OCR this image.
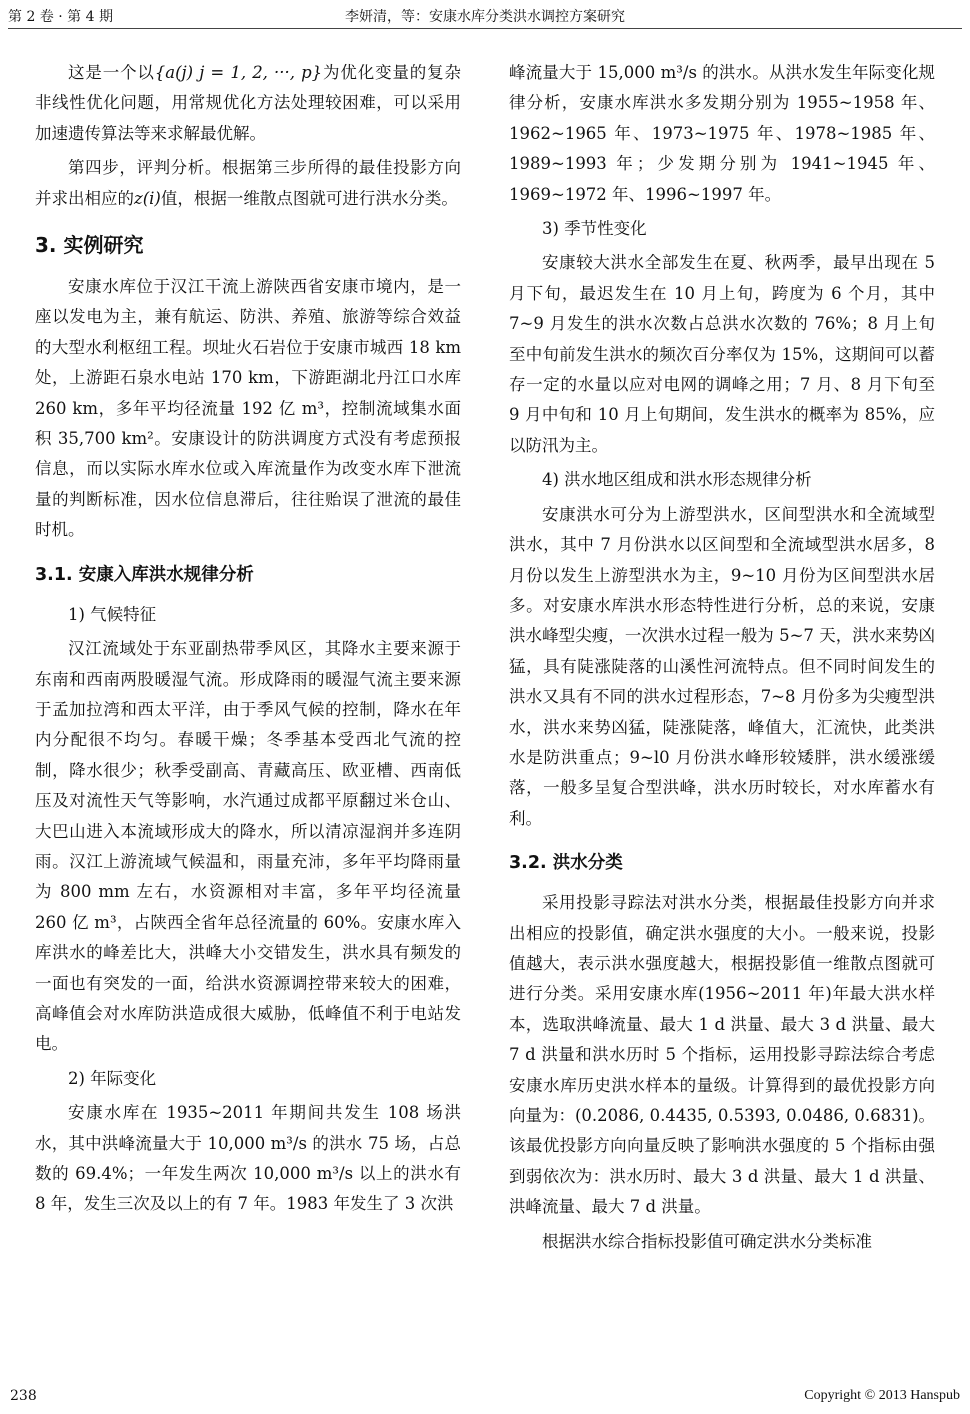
第 2 卷 · 第 4 期	李妍清，等：安康水库分类洪水调控方案研究

这是一个以{a(j) j = 1, 2, ···, p}为优化变量的复杂非线性优化问题，用常规优化方法处理较困难，可以采用加速遗传算法等来求解最优解。

第四步，评判分析。根据第三步所得的最佳投影方向并求出相应的z(i)值，根据一维散点图就可进行洪水分类。

3. 实例研究

安康水库位于汉江干流上游陕西省安康市境内，是一座以发电为主，兼有航运、防洪、养殖、旅游等综合效益的大型水利枢纽工程。坝址火石岩位于安康市城西 18 km 处，上游距石泉水电站 170 km，下游距湖北丹江口水库 260 km，多年平均径流量 192 亿 m³，控制流域集水面积 35,700 km²。安康设计的防洪调度方式没有考虑预报信息，而以实际水库水位或入库流量作为改变水库下泄流量的判断标准，因水位信息滞后，往往贻误了泄流的最佳时机。

3.1. 安康入库洪水规律分析
1) 气候特征

汉江流域处于东亚副热带季风区，其降水主要来源于东南和西南两股暖湿气流。形成降雨的暖湿气流主要来源于孟加拉湾和西太平洋，由于季风气候的控制，降水在年内分配很不均匀。春暖干燥；冬季基本受西北气流的控制，降水很少；秋季受副高、青藏高压、欧亚槽、西南低压及对流性天气等影响，水汽通过成都平原翻过米仓山、大巴山进入本流域形成大的降水，所以清凉湿润并多连阴雨。汉江上游流域气候温和，雨量充沛，多年平均降雨量为 800 mm 左右，水资源相对丰富，多年平均径流量 260 亿 m³，占陕西全省年总径流量的 60%。安康水库入库洪水的峰差比大，洪峰大小交错发生，洪水具有频发的一面也有突发的一面，给洪水资源调控带来较大的困难，高峰值会对水库防洪造成很大威胁，低峰值不利于电站发电。

2) 年际变化

安康水库在 1935~2011 年期间共发生 108 场洪水，其中洪峰流量大于 10,000 m³/s 的洪水 75 场，占总数的 69.4%；一年发生两次 10,000 m³/s 以上的洪水有 8 年，发生三次及以上的有 7 年。1983 年发生了 3 次洪

峰流量大于 15,000 m³/s 的洪水。从洪水发生年际变化规律分析，安康水库洪水多发期分别为 1955~1958 年、1962~1965 年、1973~1975 年、1978~1985 年、1989~1993 年；少发期分别为 1941~1945 年、1969~1972 年、1996~1997 年。

3) 季节性变化

安康较大洪水全部发生在夏、秋两季，最早出现在 5 月下旬，最迟发生在 10 月上旬，跨度为 6 个月，其中 7~9 月发生的洪水次数占总洪水次数的 76%；8 月上旬至中旬前发生洪水的频次百分率仅为 15%，这期间可以蓄存一定的水量以应对电网的调峰之用；7 月、8 月下旬至 9 月中旬和 10 月上旬期间，发生洪水的概率为 85%，应以防汛为主。

4) 洪水地区组成和洪水形态规律分析

安康洪水可分为上游型洪水，区间型洪水和全流域型洪水，其中 7 月份洪水以区间型和全流域型洪水居多，8 月份以发生上游型洪水为主，9~10 月份为区间型洪水居多。对安康水库洪水形态特性进行分析，总的来说，安康洪水峰型尖瘦，一次洪水过程一般为 5~7 天，洪水来势凶猛，具有陡涨陡落的山溪性河流特点。但不同时间发生的洪水又具有不同的洪水过程形态，7~8 月份多为尖瘦型洪水，洪水来势凶猛，陡涨陡落，峰值大，汇流快，此类洪水是防洪重点；9~l0 月份洪水峰形较矮胖，洪水缓涨缓落，一般多呈复合型洪峰，洪水历时较长，对水库蓄水有利。

3.2. 洪水分类

采用投影寻踪法对洪水分类，根据最佳投影方向并求出相应的投影值，确定洪水强度的大小。一般来说，投影值越大，表示洪水强度越大，根据投影值一维散点图就可进行分类。采用安康水库(1956~2011 年)年最大洪水样本，选取洪峰流量、最大 1 d 洪量、最大 3 d 洪量、最大 7 d 洪量和洪水历时 5 个指标，运用投影寻踪法综合考虑安康水库历史洪水样本的量级。计算得到的最优投影方向向量为：(0.2086, 0.4435, 0.5393, 0.0486, 0.6831)。该最优投影方向向量反映了影响洪水强度的 5 个指标由强到弱依次为：洪水历时、最大 3 d 洪量、最大 1 d 洪量、洪峰流量、最大 7 d 洪量。

根据洪水综合指标投影值可确定洪水分类标准

238	Copyright © 2013 Hanspub
